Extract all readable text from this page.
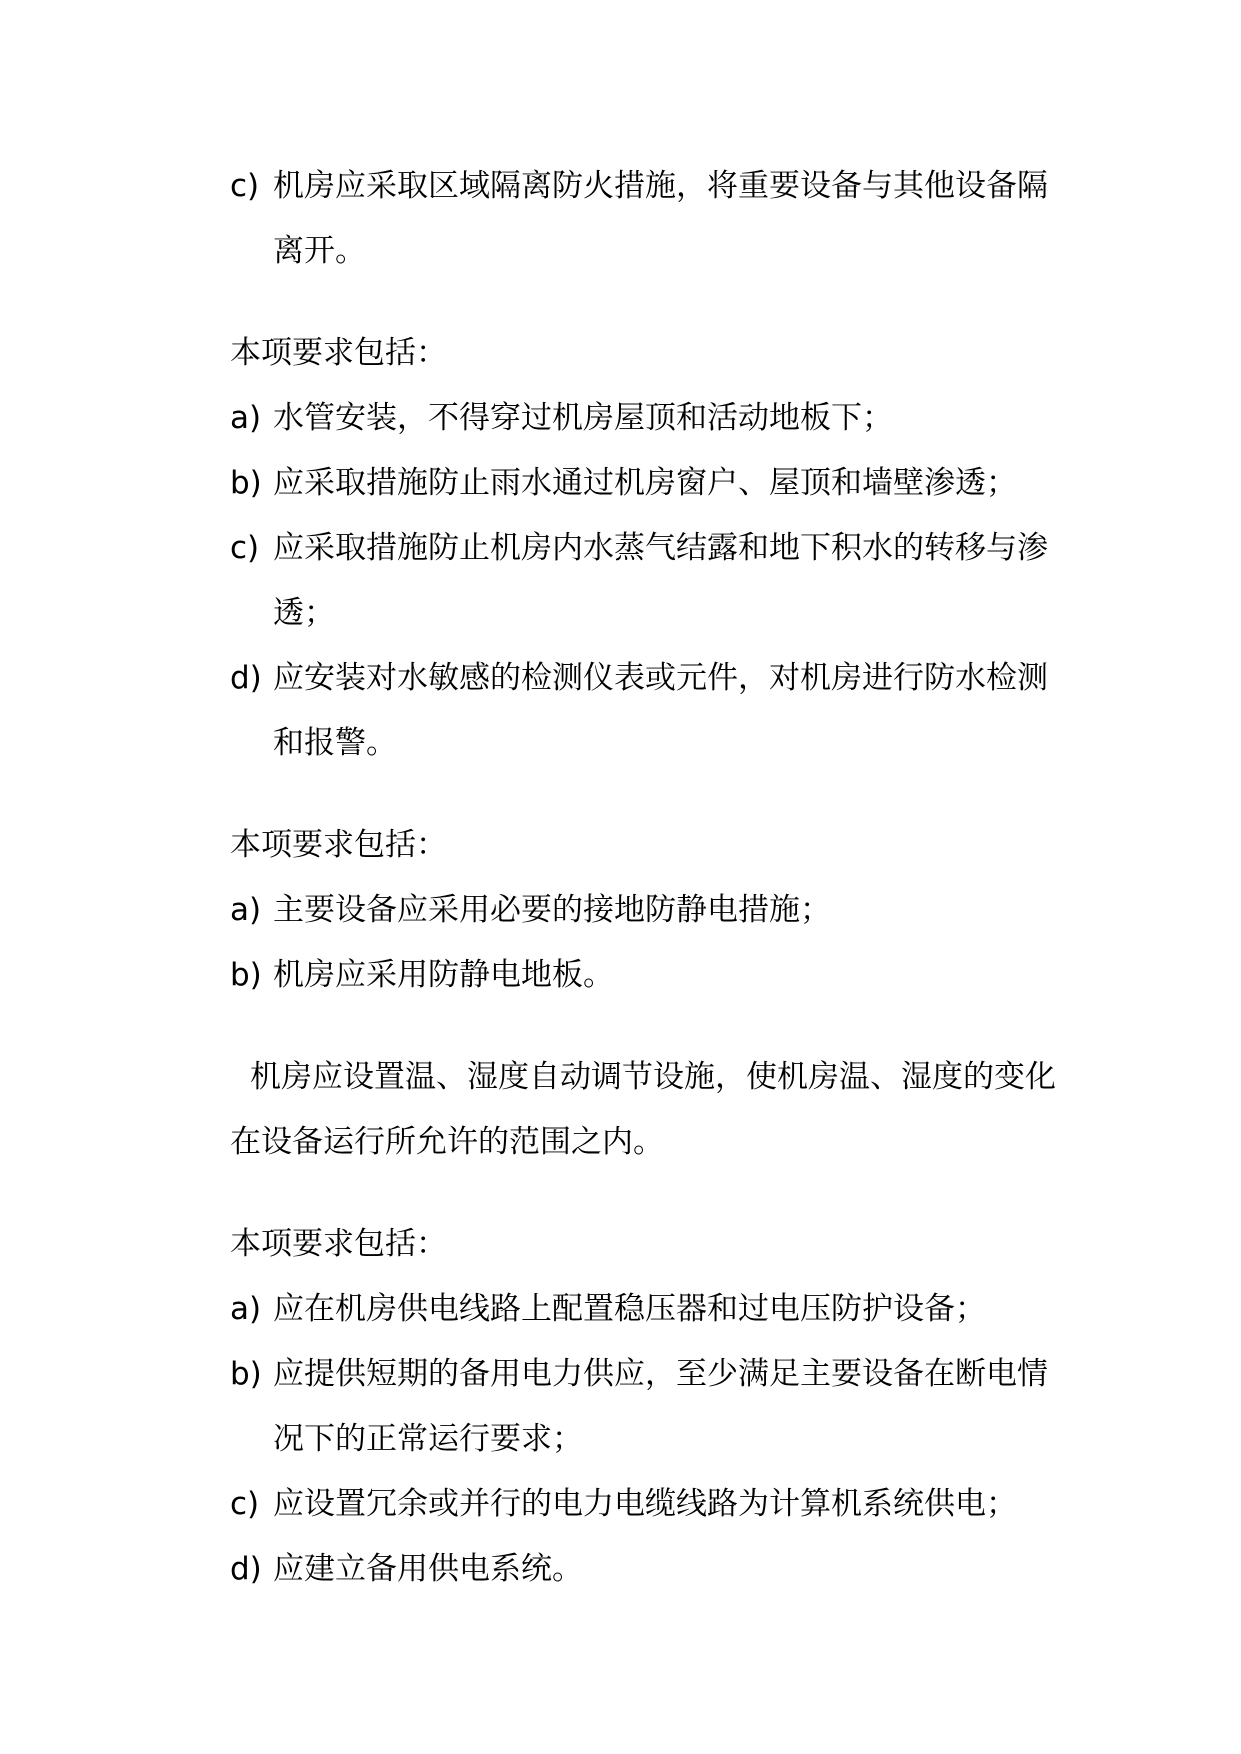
c) 机房应采取区域隔离防火措施，将重要设备与其他设备隔离开。

本项要求包括：

a) 水管安装，不得穿过机房屋顶和活动地板下；
b) 应采取措施防止雨水通过机房窗户、屋顶和墙壁渗透；
c) 应采取措施防止机房内水蒸气结露和地下积水的转移与渗透；
d) 应安装对水敏感的检测仪表或元件，对机房进行防水检测和报警。

本项要求包括：

a) 主要设备应采用必要的接地防静电措施；
b) 机房应采用防静电地板。

机房应设置温、湿度自动调节设施，使机房温、湿度的变化在设备运行所允许的范围之内。

本项要求包括：

a) 应在机房供电线路上配置稳压器和过电压防护设备；
b) 应提供短期的备用电力供应，至少满足主要设备在断电情况下的正常运行要求；
c) 应设置冗余或并行的电力电缆线路为计算机系统供电；
d) 应建立备用供电系统。
